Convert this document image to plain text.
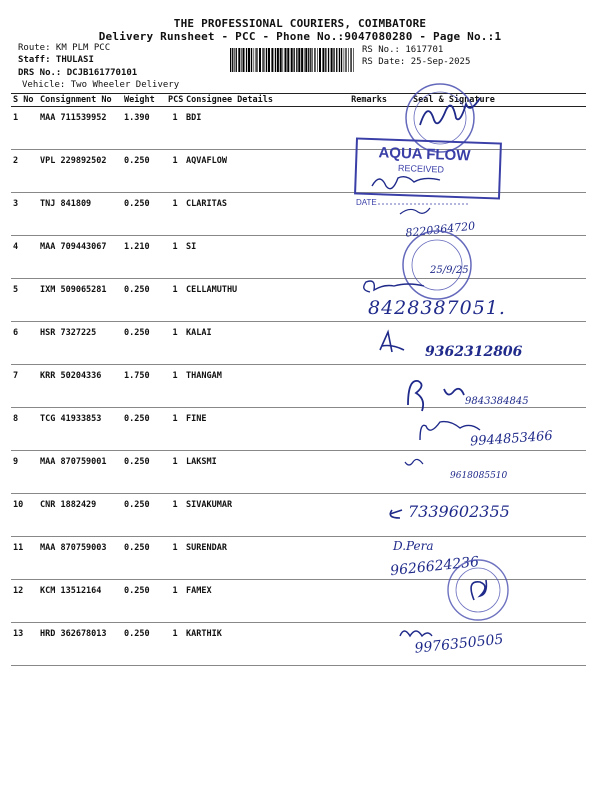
THE PROFESSIONAL COURIERS, COIMBATORE
Delivery Runsheet - PCC - Phone No.:9047080280 - Page No.:1
Route: KM PLM PCC
Staff: THULASI
DRS No.: DCJB161770101
Vehicle: Two Wheeler Delivery
RS No.: 1617701
RS Date: 25-Sep-2025
S No	Consignment No	Weight	PCS	Consignee Details	Remarks	Seal & Signature
1	MAA 711539952	1.390	1	BDI		
2	VPL 229892502	0.250	1	AQVAFLOW		
3	TNJ 841809	0.250	1	CLARITAS		
4	MAA 709443067	1.210	1	SI		
5	IXM 509065281	0.250	1	CELLAMUTHU		
6	HSR 7327225	0.250	1	KALAI		
7	KRR 50204336	1.750	1	THANGAM		
8	TCG 41933853	0.250	1	FINE		
9	MAA 870759001	0.250	1	LAKSMI		
10	CNR 1882429	0.250	1	SIVAKUMAR		
11	MAA 870759003	0.250	1	SURENDAR		
12	KCM 13512164	0.250	1	FAMEX		
13	HRD 362678013	0.250	1	KARTHIK		
AQUA FLOW
RECEIVED
DATE
8220364720
25/9/25
8428387051.
9362312806
9843384845
9944853466
9618085510
7339602355
D.Pera
9626624236
9976350505
